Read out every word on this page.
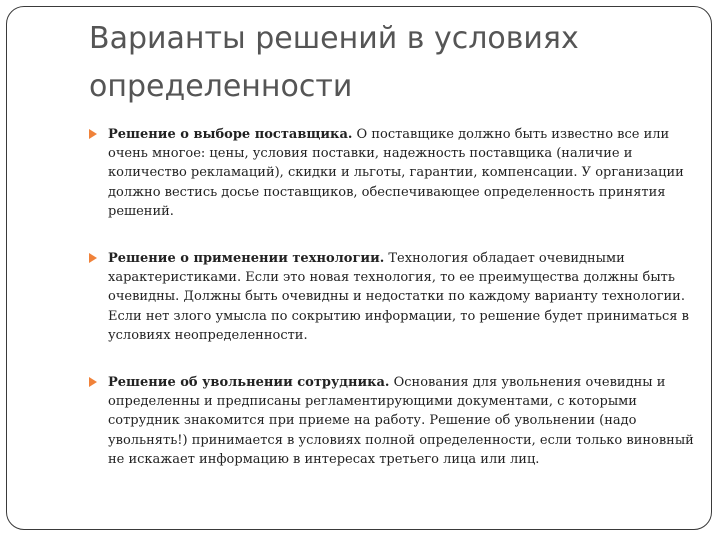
Варианты решений в условиях определенности
Решение о выборе поставщика. О поставщике должно быть известно все или очень многое: цены, условия поставки, надежность поставщика (наличие и количество рекламаций), скидки и льготы, гарантии, компенсации. У организации должно вестись досье поставщиков, обеспечивающее определенность принятия решений.
Решение о применении технологии. Технология обладает очевидными характеристиками. Если это новая технология, то ее преимущества должны быть очевидны. Должны быть очевидны и недостатки по каждому варианту технологии. Если нет злого умысла по сокрытию информации, то решение будет приниматься в условиях неопределенности.
Решение об увольнении сотрудника. Основания для увольнения очевидны и определенны и предписаны регламентирующими документами, с которыми сотрудник знакомится при приеме на работу. Решение об увольнении (надо увольнять!) принимается в условиях полной определенности, если только виновный не искажает информацию в интересах третьего лица или лиц.
